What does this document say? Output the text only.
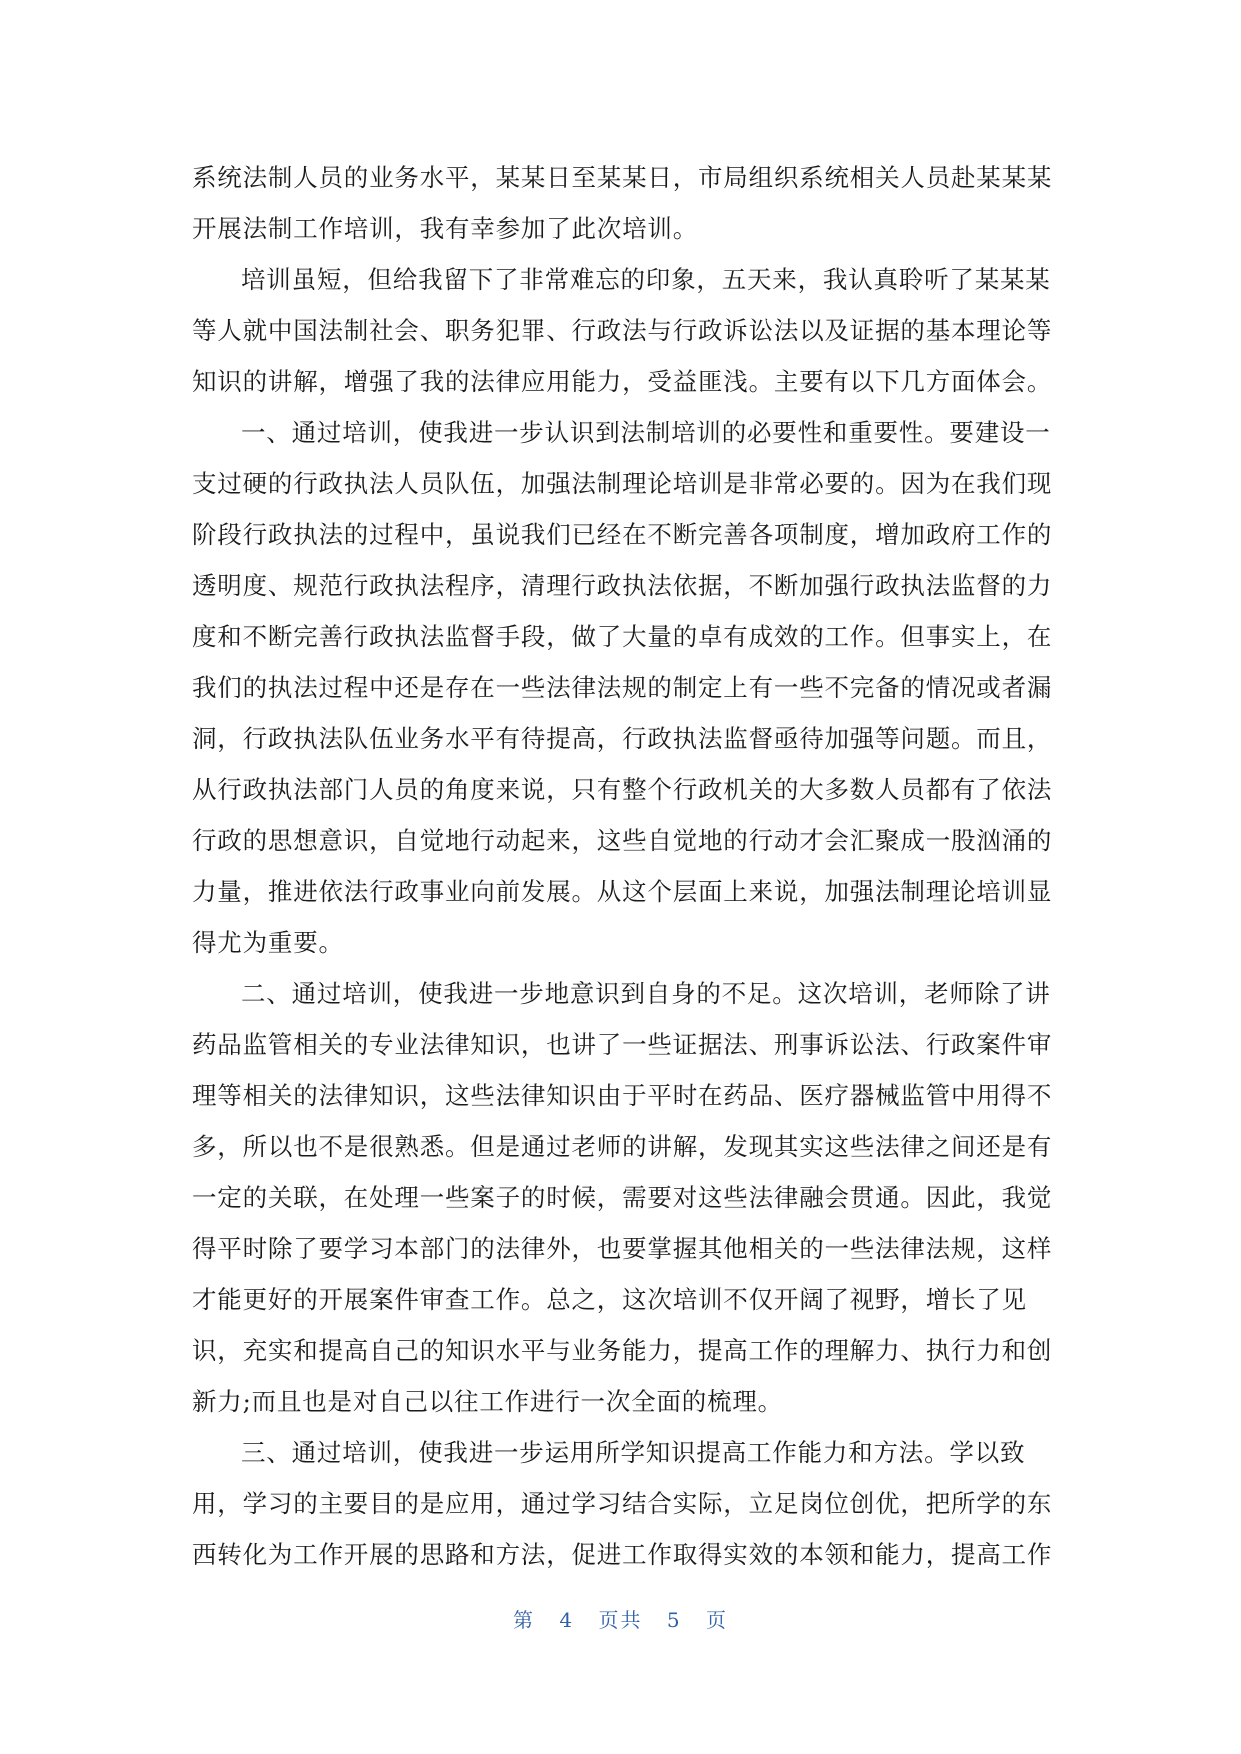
系统法制人员的业务水平，某某日至某某日，市局组织系统相关人员赴某某某
开展法制工作培训，我有幸参加了此次培训。
培训虽短，但给我留下了非常难忘的印象，五天来，我认真聆听了某某某
等人就中国法制社会、职务犯罪、行政法与行政诉讼法以及证据的基本理论等
知识的讲解，增强了我的法律应用能力，受益匪浅。主要有以下几方面体会。
一、通过培训，使我进一步认识到法制培训的必要性和重要性。要建设一
支过硬的行政执法人员队伍，加强法制理论培训是非常必要的。因为在我们现
阶段行政执法的过程中，虽说我们已经在不断完善各项制度，增加政府工作的
透明度、规范行政执法程序，清理行政执法依据，不断加强行政执法监督的力
度和不断完善行政执法监督手段，做了大量的卓有成效的工作。但事实上，在
我们的执法过程中还是存在一些法律法规的制定上有一些不完备的情况或者漏
洞，行政执法队伍业务水平有待提高，行政执法监督亟待加强等问题。而且，
从行政执法部门人员的角度来说，只有整个行政机关的大多数人员都有了依法
行政的思想意识，自觉地行动起来，这些自觉地的行动才会汇聚成一股汹涌的
力量，推进依法行政事业向前发展。从这个层面上来说，加强法制理论培训显
得尤为重要。
二、通过培训，使我进一步地意识到自身的不足。这次培训，老师除了讲
药品监管相关的专业法律知识，也讲了一些证据法、刑事诉讼法、行政案件审
理等相关的法律知识，这些法律知识由于平时在药品、医疗器械监管中用得不
多，所以也不是很熟悉。但是通过老师的讲解，发现其实这些法律之间还是有
一定的关联，在处理一些案子的时候，需要对这些法律融会贯通。因此，我觉
得平时除了要学习本部门的法律外，也要掌握其他相关的一些法律法规，这样
才能更好的开展案件审查工作。总之，这次培训不仅开阔了视野，增长了见
识，充实和提高自己的知识水平与业务能力，提高工作的理解力、执行力和创
新力;而且也是对自己以往工作进行一次全面的梳理。
三、通过培训，使我进一步运用所学知识提高工作能力和方法。学以致
用，学习的主要目的是应用，通过学习结合实际，立足岗位创优，把所学的东
西转化为工作开展的思路和方法，促进工作取得实效的本领和能力，提高工作
第 4 页共 5 页
